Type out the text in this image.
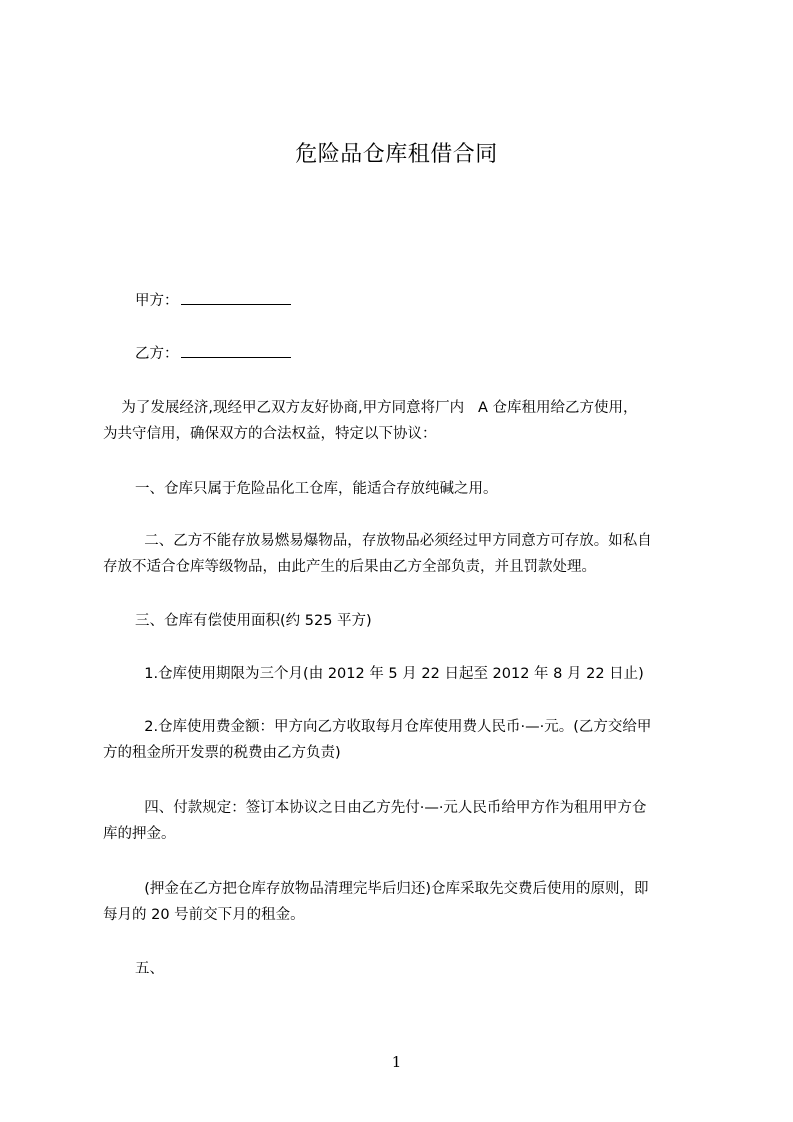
危险品仓库租借合同
甲方：
乙方：
为了发展经济,现经甲乙双方友好协商,甲方同意将厂内   A 仓库租用给乙方使用，
为共守信用，确保双方的合法权益，特定以下协议：
一、仓库只属于危险品化工仓库，能适合存放纯碱之用。
二、乙方不能存放易燃易爆物品，存放物品必须经过甲方同意方可存放。如私自
存放不适合仓库等级物品，由此产生的后果由乙方全部负责，并且罚款处理。
三、仓库有偿使用面积(约 525 平方)
1.仓库使用期限为三个月(由 2012 年 5 月 22 日起至 2012 年 8 月 22 日止)
2.仓库使用费金额：甲方向乙方收取每月仓库使用费人民币·—·元。(乙方交给甲
方的租金所开发票的税费由乙方负责)
四、付款规定：签订本协议之日由乙方先付·—·元人民币给甲方作为租用甲方仓
库的押金。
(押金在乙方把仓库存放物品清理完毕后归还)仓库采取先交费后使用的原则，即
每月的 20 号前交下月的租金。
五、
1
